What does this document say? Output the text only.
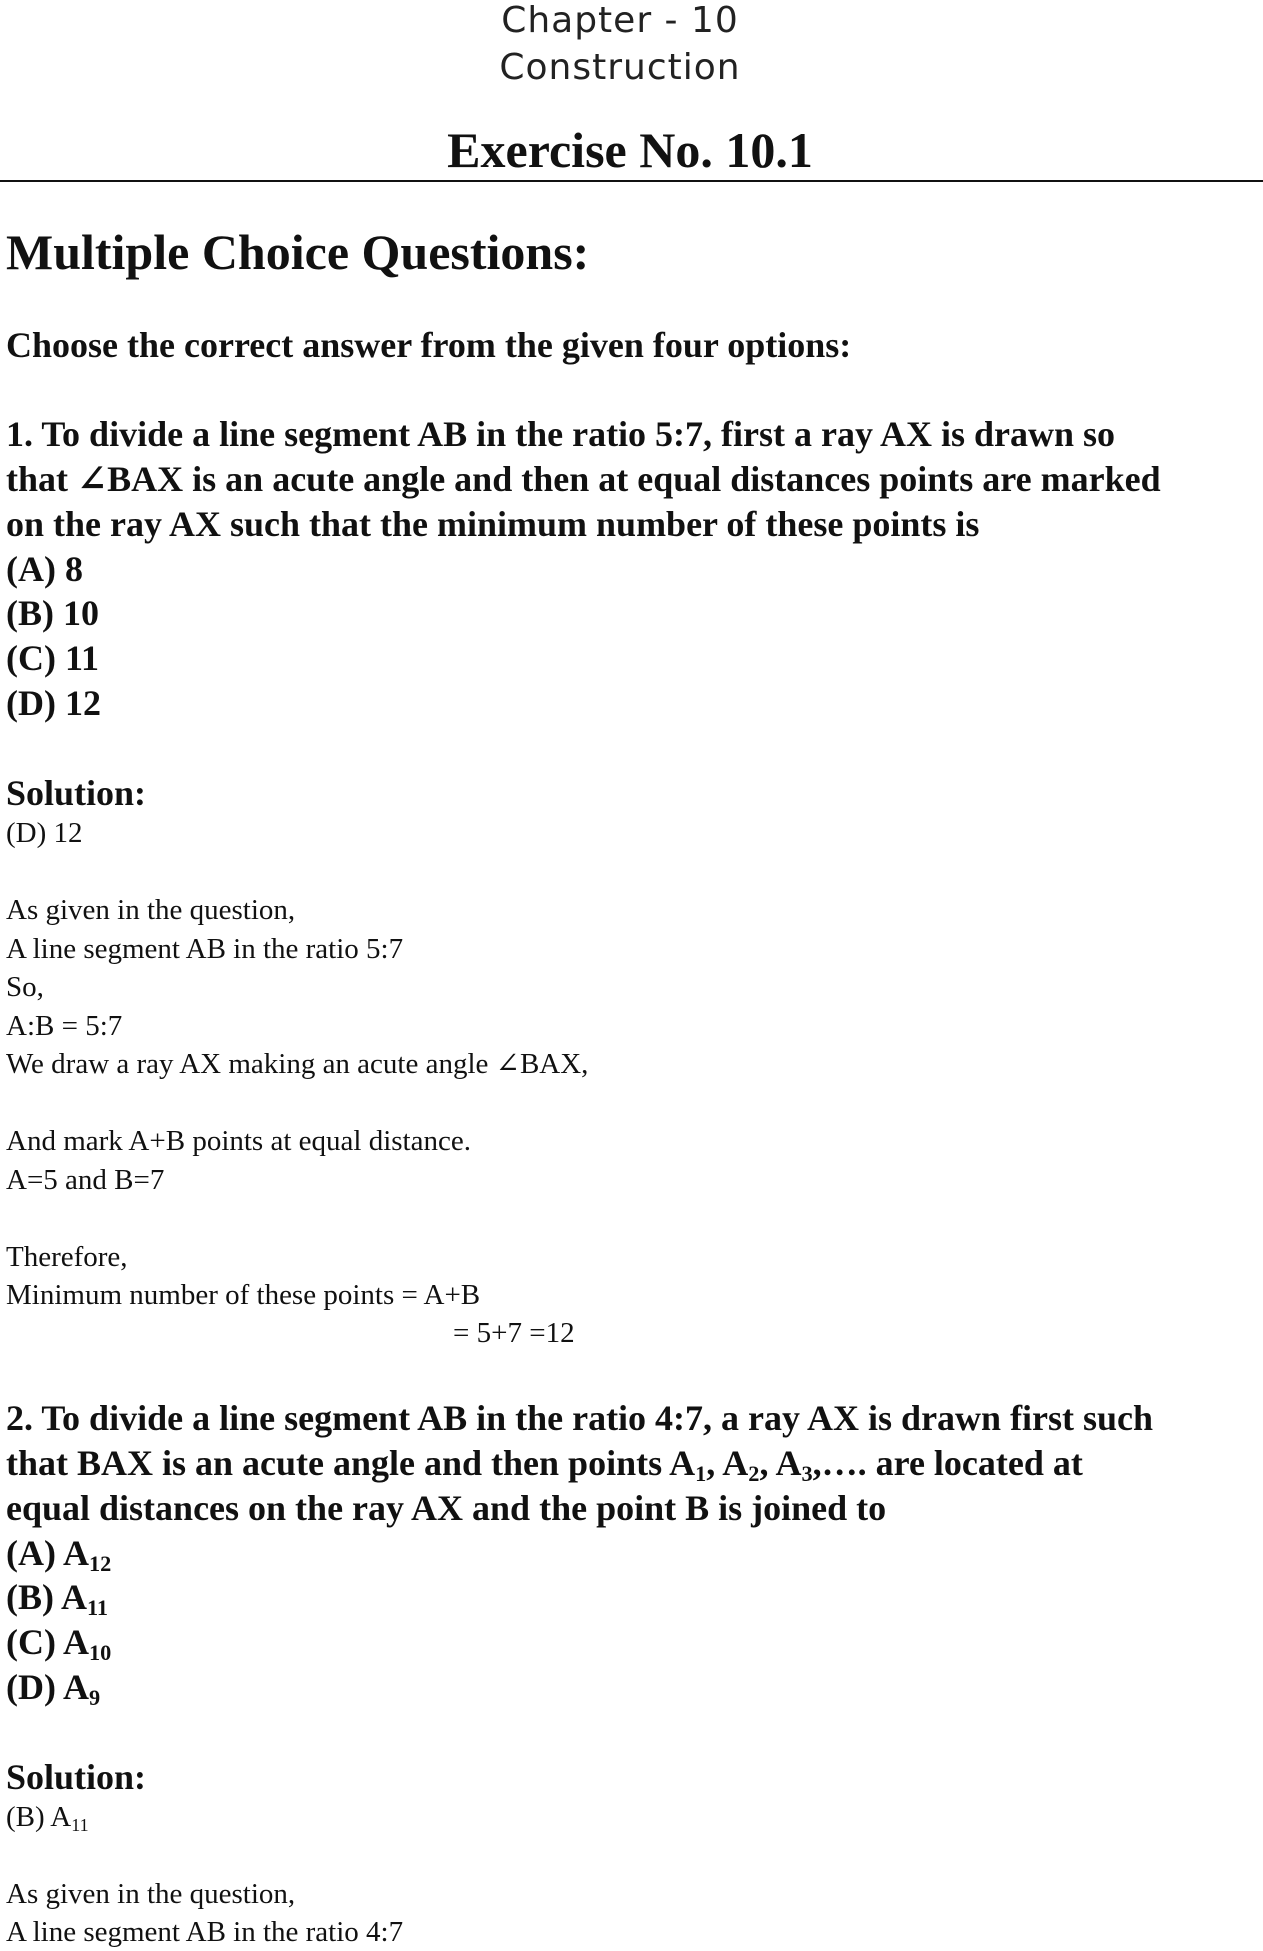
Chapter - 10
Construction
Exercise No. 10.1
Multiple Choice Questions:
Choose the correct answer from the given four options:
1. To divide a line segment AB in the ratio 5:7, first a ray AX is drawn so
that ∠BAX is an acute angle and then at equal distances points are marked
on the ray AX such that the minimum number of these points is
(A) 8
(B) 10
(C) 11
(D) 12
Solution:
(D) 12
As given in the question,
A line segment AB in the ratio 5:7
So,
A:B = 5:7
We draw a ray AX making an acute angle ∠BAX,
And mark A+B points at equal distance.
A=5 and B=7
Therefore,
Minimum number of these points = A+B
= 5+7 =12
2. To divide a line segment AB in the ratio 4:7, a ray AX is drawn first such
that BAX is an acute angle and then points $A_1$, $A_2$, $A_3,\dots$. are located at
equal distances on the ray AX and the point B is joined to
(A) $A_{12}$
(B) $A_{11}$
(C) $A_{10}$
(D) $A_9$
Solution:
(B) $A_{11}$
As given in the question,
A line segment AB in the ratio 4:7
